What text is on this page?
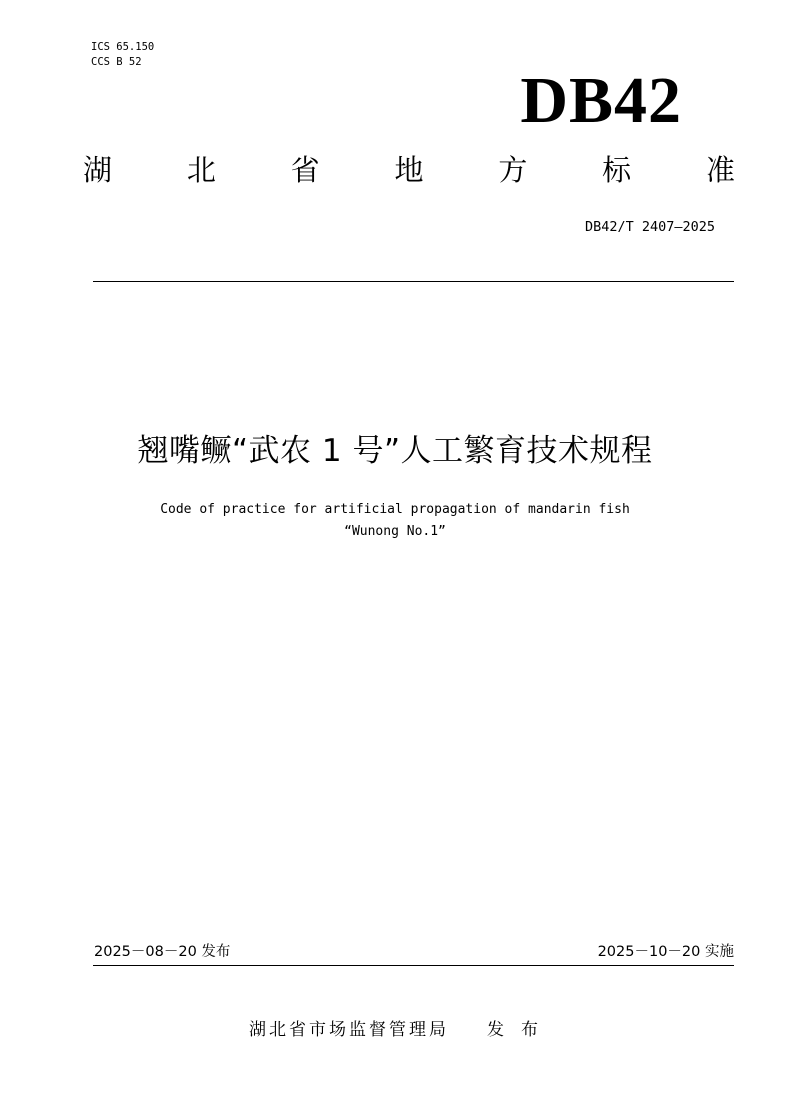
ICS 65.150
CCS B 52
DB42
湖	北	省	地	方	标	准
DB42/T 2407—2025
翘嘴鳜“武农 1 号”人工繁育技术规程
Code of practice for artificial propagation of mandarin fish
“Wunong No.1”
2025－08－20 发布	2025－10－20 实施
湖北省市场监督管理局 发 布
